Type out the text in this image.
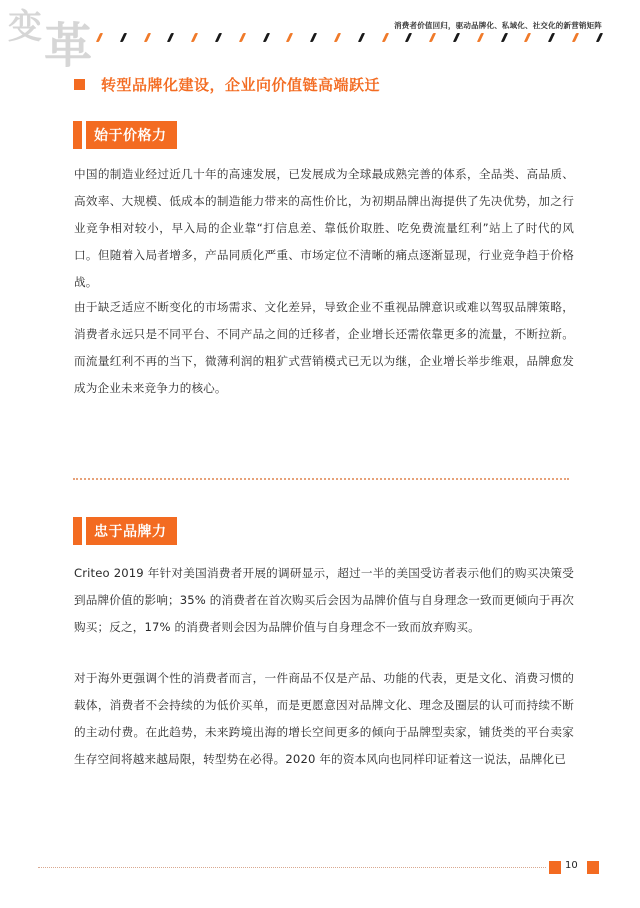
变 革	消费者价值回归，驱动品牌化、私域化、社交化的新营销矩阵
转型品牌化建设，企业向价值链高端跃迁
始于价格力

中国的制造业经过近几十年的高速发展，已发展成为全球最成熟完善的体系，全品类、高品质、高效率、大规模、低成本的制造能力带来的高性价比，为初期品牌出海提供了先决优势，加之行业竞争相对较小，早入局的企业靠“打信息差、靠低价取胜、吃免费流量红利”站上了时代的风口。但随着入局者增多，产品同质化严重、市场定位不清晰的痛点逐渐显现，行业竞争趋于价格战。

由于缺乏适应不断变化的市场需求、文化差异，导致企业不重视品牌意识或难以驾驭品牌策略，消费者永远只是不同平台、不同产品之间的迁移者，企业增长还需依靠更多的流量，不断拉新。而流量红利不再的当下，微薄利润的粗犷式营销模式已无以为继，企业增长举步维艰，品牌愈发成为企业未来竞争力的核心。

忠于品牌力

Criteo 2019 年针对美国消费者开展的调研显示，超过一半的美国受访者表示他们的购买决策受到品牌价值的影响；35% 的消费者在首次购买后会因为品牌价值与自身理念一致而更倾向于再次购买；反之，17% 的消费者则会因为品牌价值与自身理念不一致而放弃购买。

对于海外更强调个性的消费者而言，一件商品不仅是产品、功能的代表，更是文化、消费习惯的载体，消费者不会持续的为低价买单，而是更愿意因对品牌文化、理念及圈层的认可而持续不断的主动付费。在此趋势，未来跨境出海的增长空间更多的倾向于品牌型卖家，铺货类的平台卖家生存空间将越来越局限，转型势在必得。2020 年的资本风向也同样印证着这一说法，品牌化已

10
